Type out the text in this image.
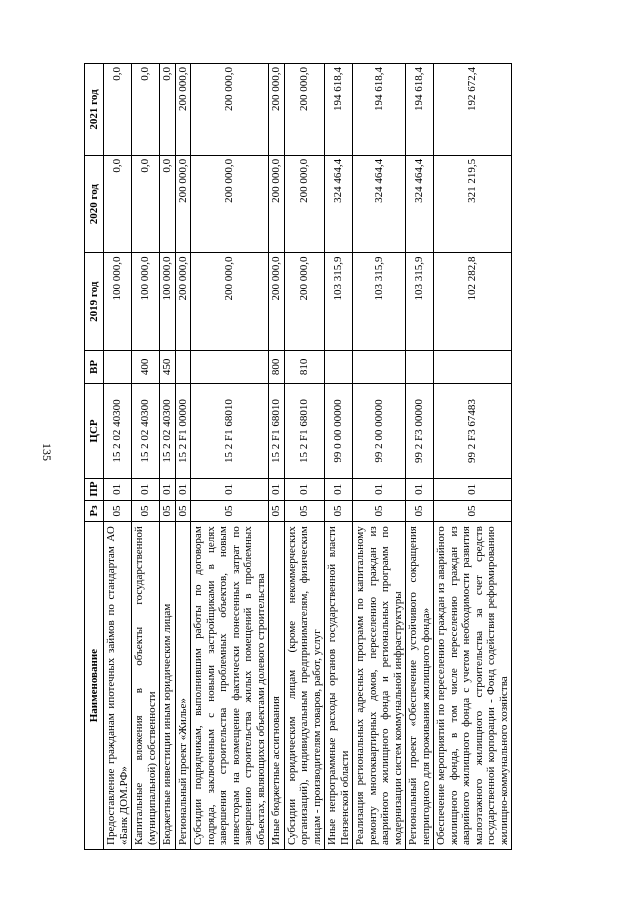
135
Наименование	Рз	ПР	ЦСР	ВР	2019 год	2020 год	2021 год
Предоставление гражданам ипотечных займов по стандартам АО «Банк ДОМ.РФ»	05	01	15 2 02 40300		100 000,0	0,0	0,0
Капитальные вложения в объекты государственной (муниципальной) собственности	05	01	15 2 02 40300	400	100 000,0	0,0	0,0
Бюджетные инвестиции иным юридическим лицам	05	01	15 2 02 40300	450	100 000,0	0,0	0,0
Региональный проект «Жилье»	05	01	15 2 F1 00000		200 000,0	200 000,0	200 000,0
Субсидии подрядчикам, выполнившим работы по договорам подряда, заключенным с новыми застройщиками в целях завершения строительства проблемных объектов, новым инвесторам на возмещение фактически понесенных затрат по завершению строительства жилых помещений в проблемных объектах, являющихся объектами долевого строительства	05	01	15 2 F1 68010		200 000,0	200 000,0	200 000,0
Иные бюджетные ассигнования	05	01	15 2 F1 68010	800	200 000,0	200 000,0	200 000,0
Субсидии юридическим лицам (кроме некоммерческих организаций), индивидуальным предпринимателям, физическим лицам - производителям товаров, работ, услуг	05	01	15 2 F1 68010	810	200 000,0	200 000,0	200 000,0
Иные непрограммные расходы органов государственной власти Пензенской области	05	01	99 0 00 00000		103 315,9	324 464,4	194 618,4
Реализация региональных адресных программ по капитальному ремонту многоквартирных домов, переселению граждан из аварийного жилищного фонда и региональных программ по модернизации систем коммунальной инфраструктуры	05	01	99 2 00 00000		103 315,9	324 464,4	194 618,4
Региональный проект «Обеспечение устойчивого сокращения непригодного для проживания жилищного фонда»	05	01	99 2 F3 00000		103 315,9	324 464,4	194 618,4
Обеспечение мероприятий по переселению граждан из аварийного жилищного фонда, в том числе переселению граждан из аварийного жилищного фонда с учетом необходимости развития малоэтажного жилищного строительства за счет средств государственной корпорации - Фонд содействия реформированию жилищно-коммунального хозяйства	05	01	99 2 F3 67483		102 282,8	321 219,5	192 672,4
